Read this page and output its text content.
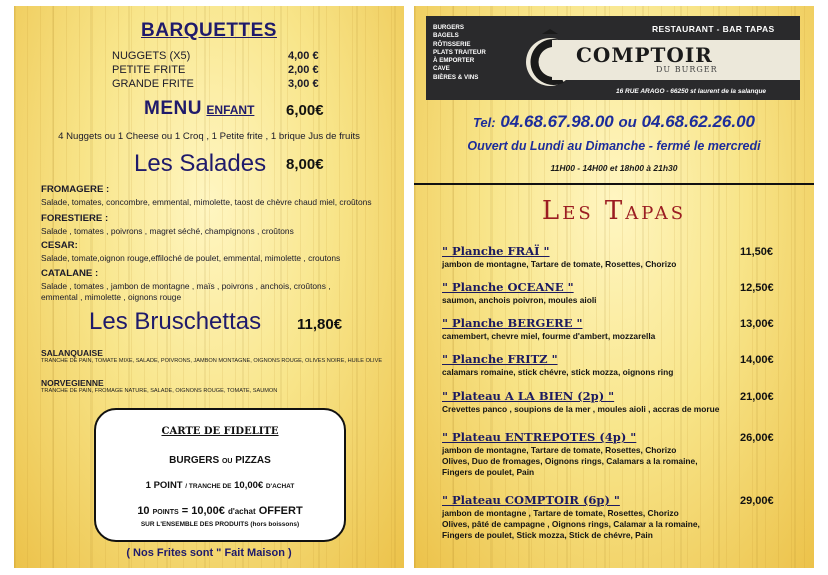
BARQUETTES
NUGGETS (X5)	4,00 €
PETITE FRITE	2,00 €
GRANDE FRITE	3,00 €
MENU ENFANT 6,00€
4 Nuggets ou 1 Cheese ou 1 Croq , 1 Petite frite , 1 brique Jus de fruits
Les Salades 8,00€
FROMAGERE :
Salade, tomates, concombre, emmental, mimolette, taost de chèvre chaud miel, croûtons
FORESTIERE :
Salade , tomates , poivrons , magret séché, champignons , croûtons
CESAR:
Salade, tomate,oignon rouge,effiloché de poulet, emmental, mimolette , croutons
CATALANE :
Salade , tomates , jambon de montagne , maïs , poivrons , anchois, croûtons , emmental , mimolette , oignons rouge
Les Bruschettas 11,80€
SALANQUAISE
TRANCHE DE PAIN, TOMATE MIXE, SALADE, POIVRONS, JAMBON MONTAGNE, OIGNONS ROUGE, OLIVES NOIRE, HUILE OLIVE
NORVEGIENNE
TRANCHE DE PAIN, FROMAGE NATURE, SALADE, OIGNONS ROUGE, TOMATE, SAUMON
CARTE DE FIDELITE
BURGERS OU PIZZAS
1 POINT / TRANCHE DE 10,00€ D'ACHAT
10 POINTS = 10,00€ d'achat OFFERT
SUR L'ENSEMBLE DES PRODUITS (hors boissons)
( Nos Frites sont " Fait Maison )
BURGERS
BAGELS
RÔTISSERIE
PLATS TRAITEUR
À EMPORTER
CAVE
BIÈRES & VINS
RESTAURANT - BAR TAPAS
COMPTOIR
DU BURGER
16 RUE ARAGO - 66250 st laurent de la salanque
Tel: 04.68.67.98.00 ou 04.68.62.26.00
Ouvert du Lundi au Dimanche - fermé le mercredi
11H00 - 14H00 et 18h00 à 21h30
Les Tapas
" Planche FRAÏ "	11,50€
jambon de montagne, Tartare de tomate, Rosettes, Chorizo
" Planche OCEANE "	12,50€
saumon, anchois poivron, moules aioli
" Planche BERGERE "	13,00€
camembert, chevre miel, fourme d'ambert, mozzarella
" Planche FRITZ "	14,00€
calamars romaine, stick chévre, stick mozza, oignons ring
" Plateau A LA BIEN (2p) "	21,00€
Crevettes panco , soupions de la mer , moules aioli , accras de morue
" Plateau ENTREPOTES (4p) "	26,00€
jambon de montagne, Tartare de tomate, Rosettes, Chorizo
Olives, Duo de fromages, Oignons rings, Calamars a la romaine,
Fingers de poulet, Pain
" Plateau COMPTOIR (6p) "	29,00€
jambon de montagne , Tartare de tomate, Rosettes, Chorizo
Olives, pâté de campagne , Oignons rings, Calamar a la romaine,
Fingers de poulet, Stick mozza, Stick de chévre, Pain
